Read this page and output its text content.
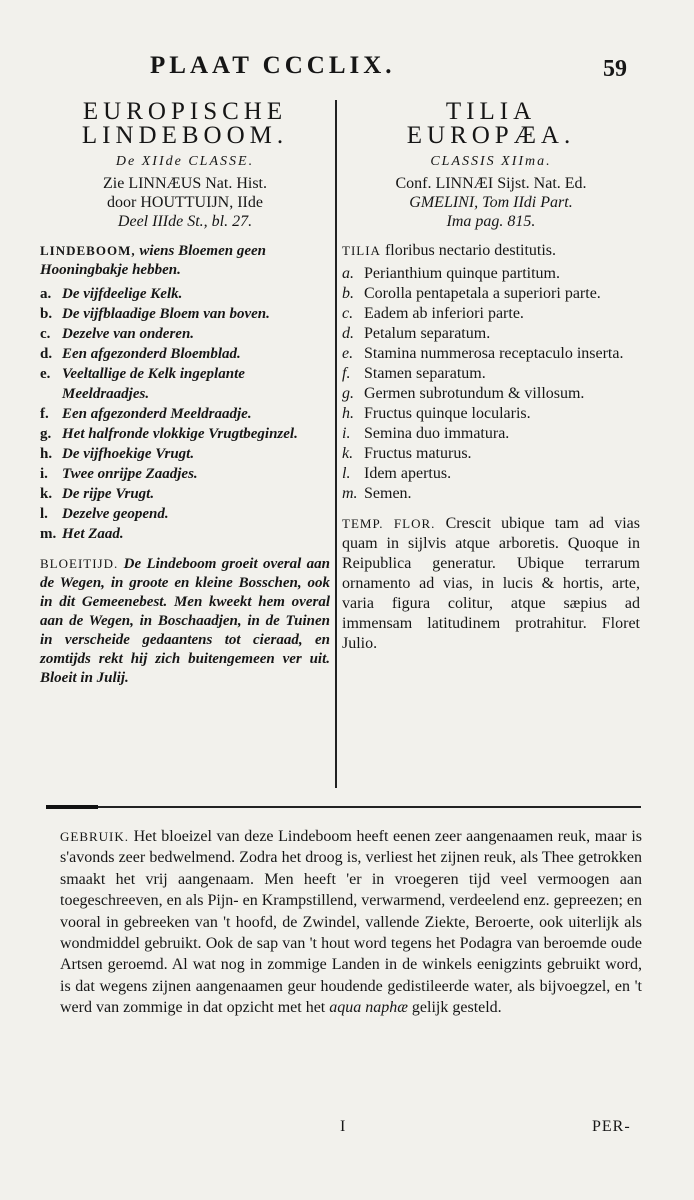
PLAAT CCCLIX.	59

EUROPISCHE

LINDEBOOM.

De XIIde CLASSE.

Zie LINNÆUS Nat. Hist.
door HOUTTUIJN, IIde
Deel IIIde St., bl. 27.
LINDEBOOM, wiens Bloemen geen Hooningbakje hebben.
a. De vijfdeelige Kelk.
b. De vijfblaadige Bloem van boven.
c. Dezelve van onderen.
d. Een afgezonderd Bloemblad.
e. Veeltallige de Kelk ingeplante Meeldraadjes.
f. Een afgezonderd Meeldraadje.
g. Het halfronde vlokkige Vrugtbeginzel.
h. De vijfhoekige Vrugt.
i. Twee onrijpe Zaadjes.
k. De rijpe Vrugt.
l. Dezelve geopend.
m. Het Zaad.
BLOEITIJD. De Lindeboom groeit overal aan de Wegen, in groote en kleine Bosschen, ook in dit Gemeenebest. Men kweekt hem overal aan de Wegen, in Boschaadjen, in de Tuinen in verscheide gedaantens tot cieraad, en zomtijds rekt hij zich buitengemeen ver uit. Bloeit in Julij.

TILIA

EUROPÆA.

CLASSIS XIIma.

Conf. LINNÆI Sijst. Nat. Ed.
GMELINI, Tom IIdi Part.
Ima pag. 815.
TILIA floribus nectario destitutis.
a. Perianthium quinque partitum.
b. Corolla pentapetala a superiori parte.
c. Eadem ab inferiori parte.
d. Petalum separatum.
e. Stamina nummerosa receptaculo inserta.
f. Stamen separatum.
g. Germen subrotundum & villosum.
h. Fructus quinque locularis.
i. Semina duo immatura.
k. Fructus maturus.
l. Idem apertus.
m. Semen.
TEMP. FLOR. Crescit ubique tam ad vias quam in sijlvis atque arboretis. Quoque in Reipublica generatur. Ubique terrarum ornamento ad vias, in lucis & hortis, arte, varia figura colitur, atque sæpius ad immensam latitudinem protrahitur. Floret Julio.

GEBRUIK. Het bloeizel van deze Lindeboom heeft eenen zeer aangenaamen reuk, maar is s'avonds zeer bedwelmend. Zodra het droog is, verliest het zijnen reuk, als Thee getrokken smaakt het vrij aangenaam. Men heeft 'er in vroegeren tijd veel vermoogen aan toegeschreeven, en als Pijn- en Krampstillend, verwarmend, verdeelend enz. gepreezen; en vooral in gebreeken van 't hoofd, de Zwindel, vallende Ziekte, Beroerte, ook uiterlijk als wondmiddel gebruikt. Ook de sap van 't hout word tegens het Podagra van beroemde oude Artsen geroemd. Al wat nog in zommige Landen in de winkels eenigzints gebruikt word, is dat wegens zijnen aangenaamen geur houdende gedistileerde water, als bijvoegzel, en 't werd van zommige in dat opzicht met het aqua naphæ gelijk gesteld.

I	PER-
